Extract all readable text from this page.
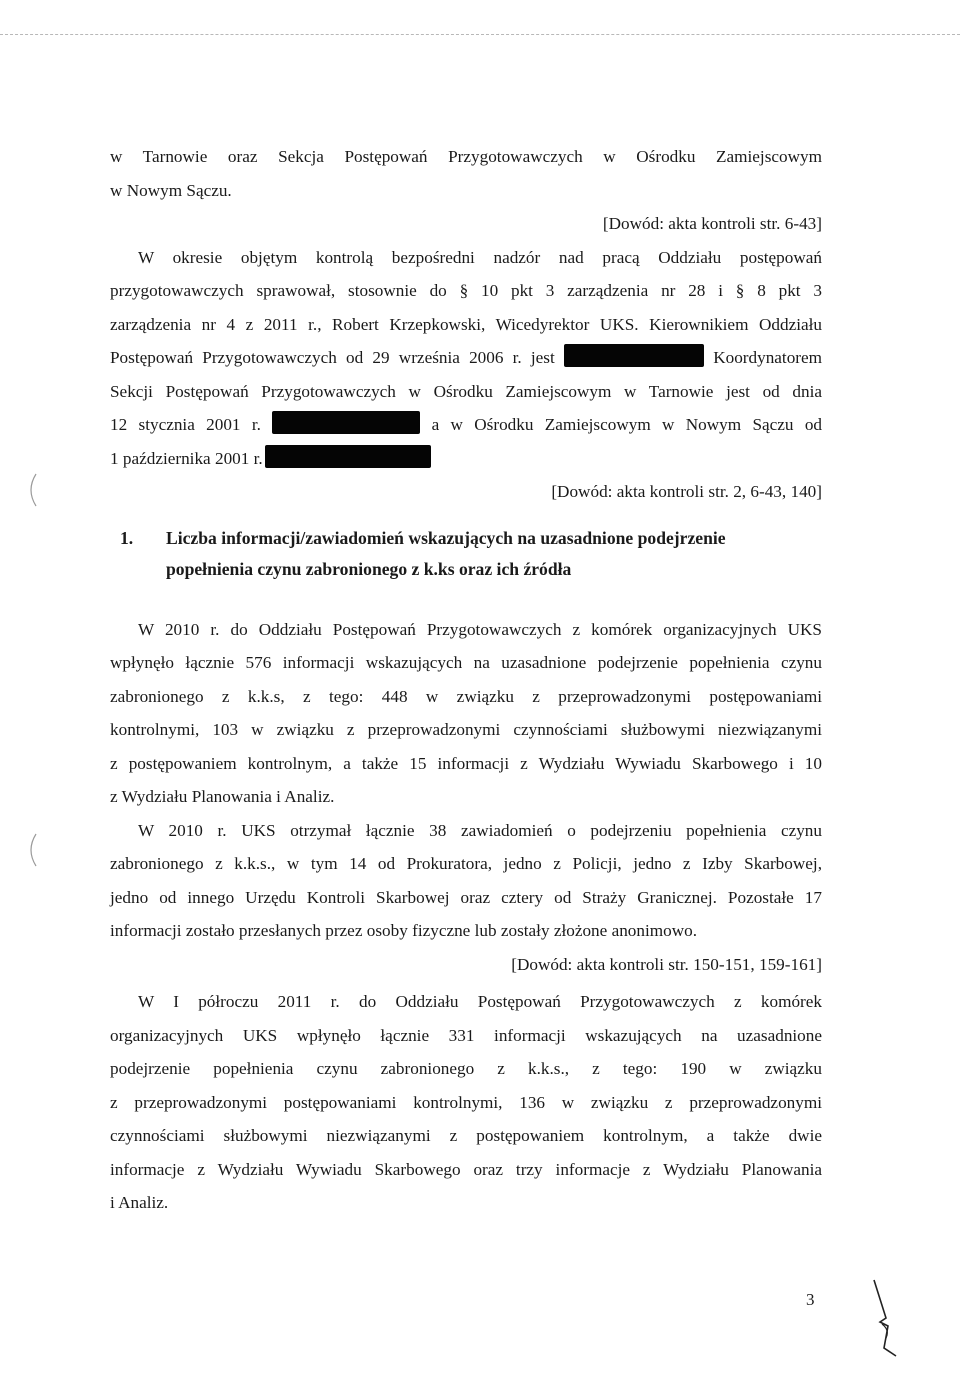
w Tarnowie oraz Sekcja Postępowań Przygotowawczych w Ośrodku Zamiejscowym

w Nowym Sączu.

[Dowód: akta kontroli str. 6-43]

W okresie objętym kontrolą bezpośredni nadzór nad pracą Oddziału postępowań

przygotowawczych sprawował, stosownie do § 10 pkt 3 zarządzenia nr 28 i § 8 pkt 3

zarządzenia nr 4 z 2011 r., Robert Krzepkowski, Wicedyrektor UKS. Kierownikiem Oddziału

Postępowań Przygotowawczych od 29 września 2006 r. jest	Koordynatorem

Sekcji Postępowań Przygotowawczych w Ośrodku Zamiejscowym w Tarnowie jest od dnia

12 stycznia 2001 r.	a w Ośrodku Zamiejscowym w Nowym Sączu od

1 października 2001 r.

[Dowód: akta kontroli str. 2, 6-43, 140]

1. Liczba informacji/zawiadomień wskazujących na uzasadnione podejrzenie
popełnienia czynu zabronionego z k.ks oraz ich źródła

W 2010 r. do Oddziału Postępowań Przygotowawczych z komórek organizacyjnych UKS

wpłynęło łącznie 576 informacji wskazujących na uzasadnione podejrzenie popełnienia czynu

zabronionego z k.k.s, z tego: 448 w związku z przeprowadzonymi postępowaniami

kontrolnymi, 103 w związku z przeprowadzonymi czynnościami służbowymi niezwiązanymi

z postępowaniem kontrolnym, a także 15 informacji z Wydziału Wywiadu Skarbowego i 10

z Wydziału Planowania i Analiz.

W 2010 r. UKS otrzymał łącznie 38 zawiadomień o podejrzeniu popełnienia czynu

zabronionego z k.k.s., w tym 14 od Prokuratora, jedno z Policji, jedno z Izby Skarbowej,

jedno od innego Urzędu Kontroli Skarbowej oraz cztery od Straży Granicznej. Pozostałe 17

informacji zostało przesłanych przez osoby fizyczne lub zostały złożone anonimowo.

[Dowód: akta kontroli str. 150-151, 159-161]

W I półroczu 2011 r. do Oddziału Postępowań Przygotowawczych z komórek

organizacyjnych UKS wpłynęło łącznie 331 informacji wskazujących na uzasadnione

podejrzenie popełnienia czynu zabronionego z k.k.s., z tego: 190 w związku

z przeprowadzonymi postępowaniami kontrolnymi, 136 w związku z przeprowadzonymi

czynnościami służbowymi niezwiązanymi z postępowaniem kontrolnym, a także dwie

informacje z Wydziału Wywiadu Skarbowego oraz trzy informacje z Wydziału Planowania

i Analiz.

3
